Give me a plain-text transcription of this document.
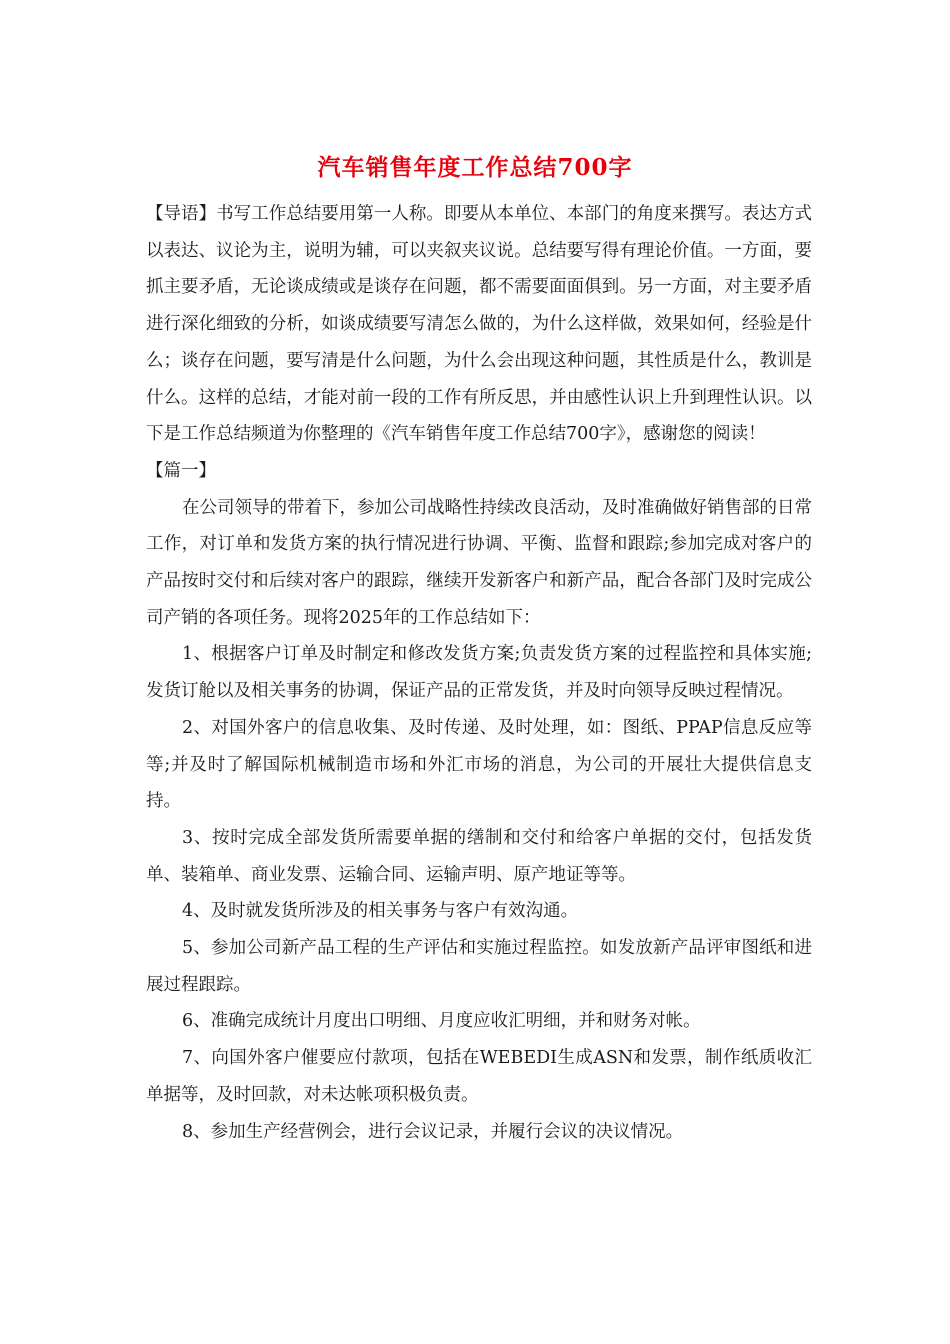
汽车销售年度工作总结700字

【导语】书写工作总结要用第一人称。即要从本单位、本部门的角度来撰写。表达方式以表达、议论为主，说明为辅，可以夹叙夹议说。总结要写得有理论价值。一方面，要抓主要矛盾，无论谈成绩或是谈存在问题，都不需要面面俱到。另一方面，对主要矛盾进行深化细致的分析，如谈成绩要写清怎么做的，为什么这样做，效果如何，经验是什么；谈存在问题，要写清是什么问题，为什么会出现这种问题，其性质是什么，教训是什么。这样的总结，才能对前一段的工作有所反思，并由感性认识上升到理性认识。以下是工作总结频道为你整理的《汽车销售年度工作总结700字》，感谢您的阅读！

【篇一】

在公司领导的带着下，参加公司战略性持续改良活动，及时准确做好销售部的日常工作，对订单和发货方案的执行情况进行协调、平衡、监督和跟踪;参加完成对客户的产品按时交付和后续对客户的跟踪，继续开发新客户和新产品，配合各部门及时完成公司产销的各项任务。现将2025年的工作总结如下：

1、根据客户订单及时制定和修改发货方案;负责发货方案的过程监控和具体实施;发货订舱以及相关事务的协调，保证产品的正常发货，并及时向领导反映过程情况。

2、对国外客户的信息收集、及时传递、及时处理，如：图纸、PPAP信息反应等等;并及时了解国际机械制造市场和外汇市场的消息，为公司的开展壮大提供信息支持。

3、按时完成全部发货所需要单据的缮制和交付和给客户单据的交付，包括发货单、装箱单、商业发票、运输合同、运输声明、原产地证等等。

4、及时就发货所涉及的相关事务与客户有效沟通。

5、参加公司新产品工程的生产评估和实施过程监控。如发放新产品评审图纸和进展过程跟踪。

6、准确完成统计月度出口明细、月度应收汇明细，并和财务对帐。

7、向国外客户催要应付款项，包括在WEBEDI生成ASN和发票，制作纸质收汇单据等，及时回款，对未达帐项积极负责。

8、参加生产经营例会，进行会议记录，并履行会议的决议情况。
